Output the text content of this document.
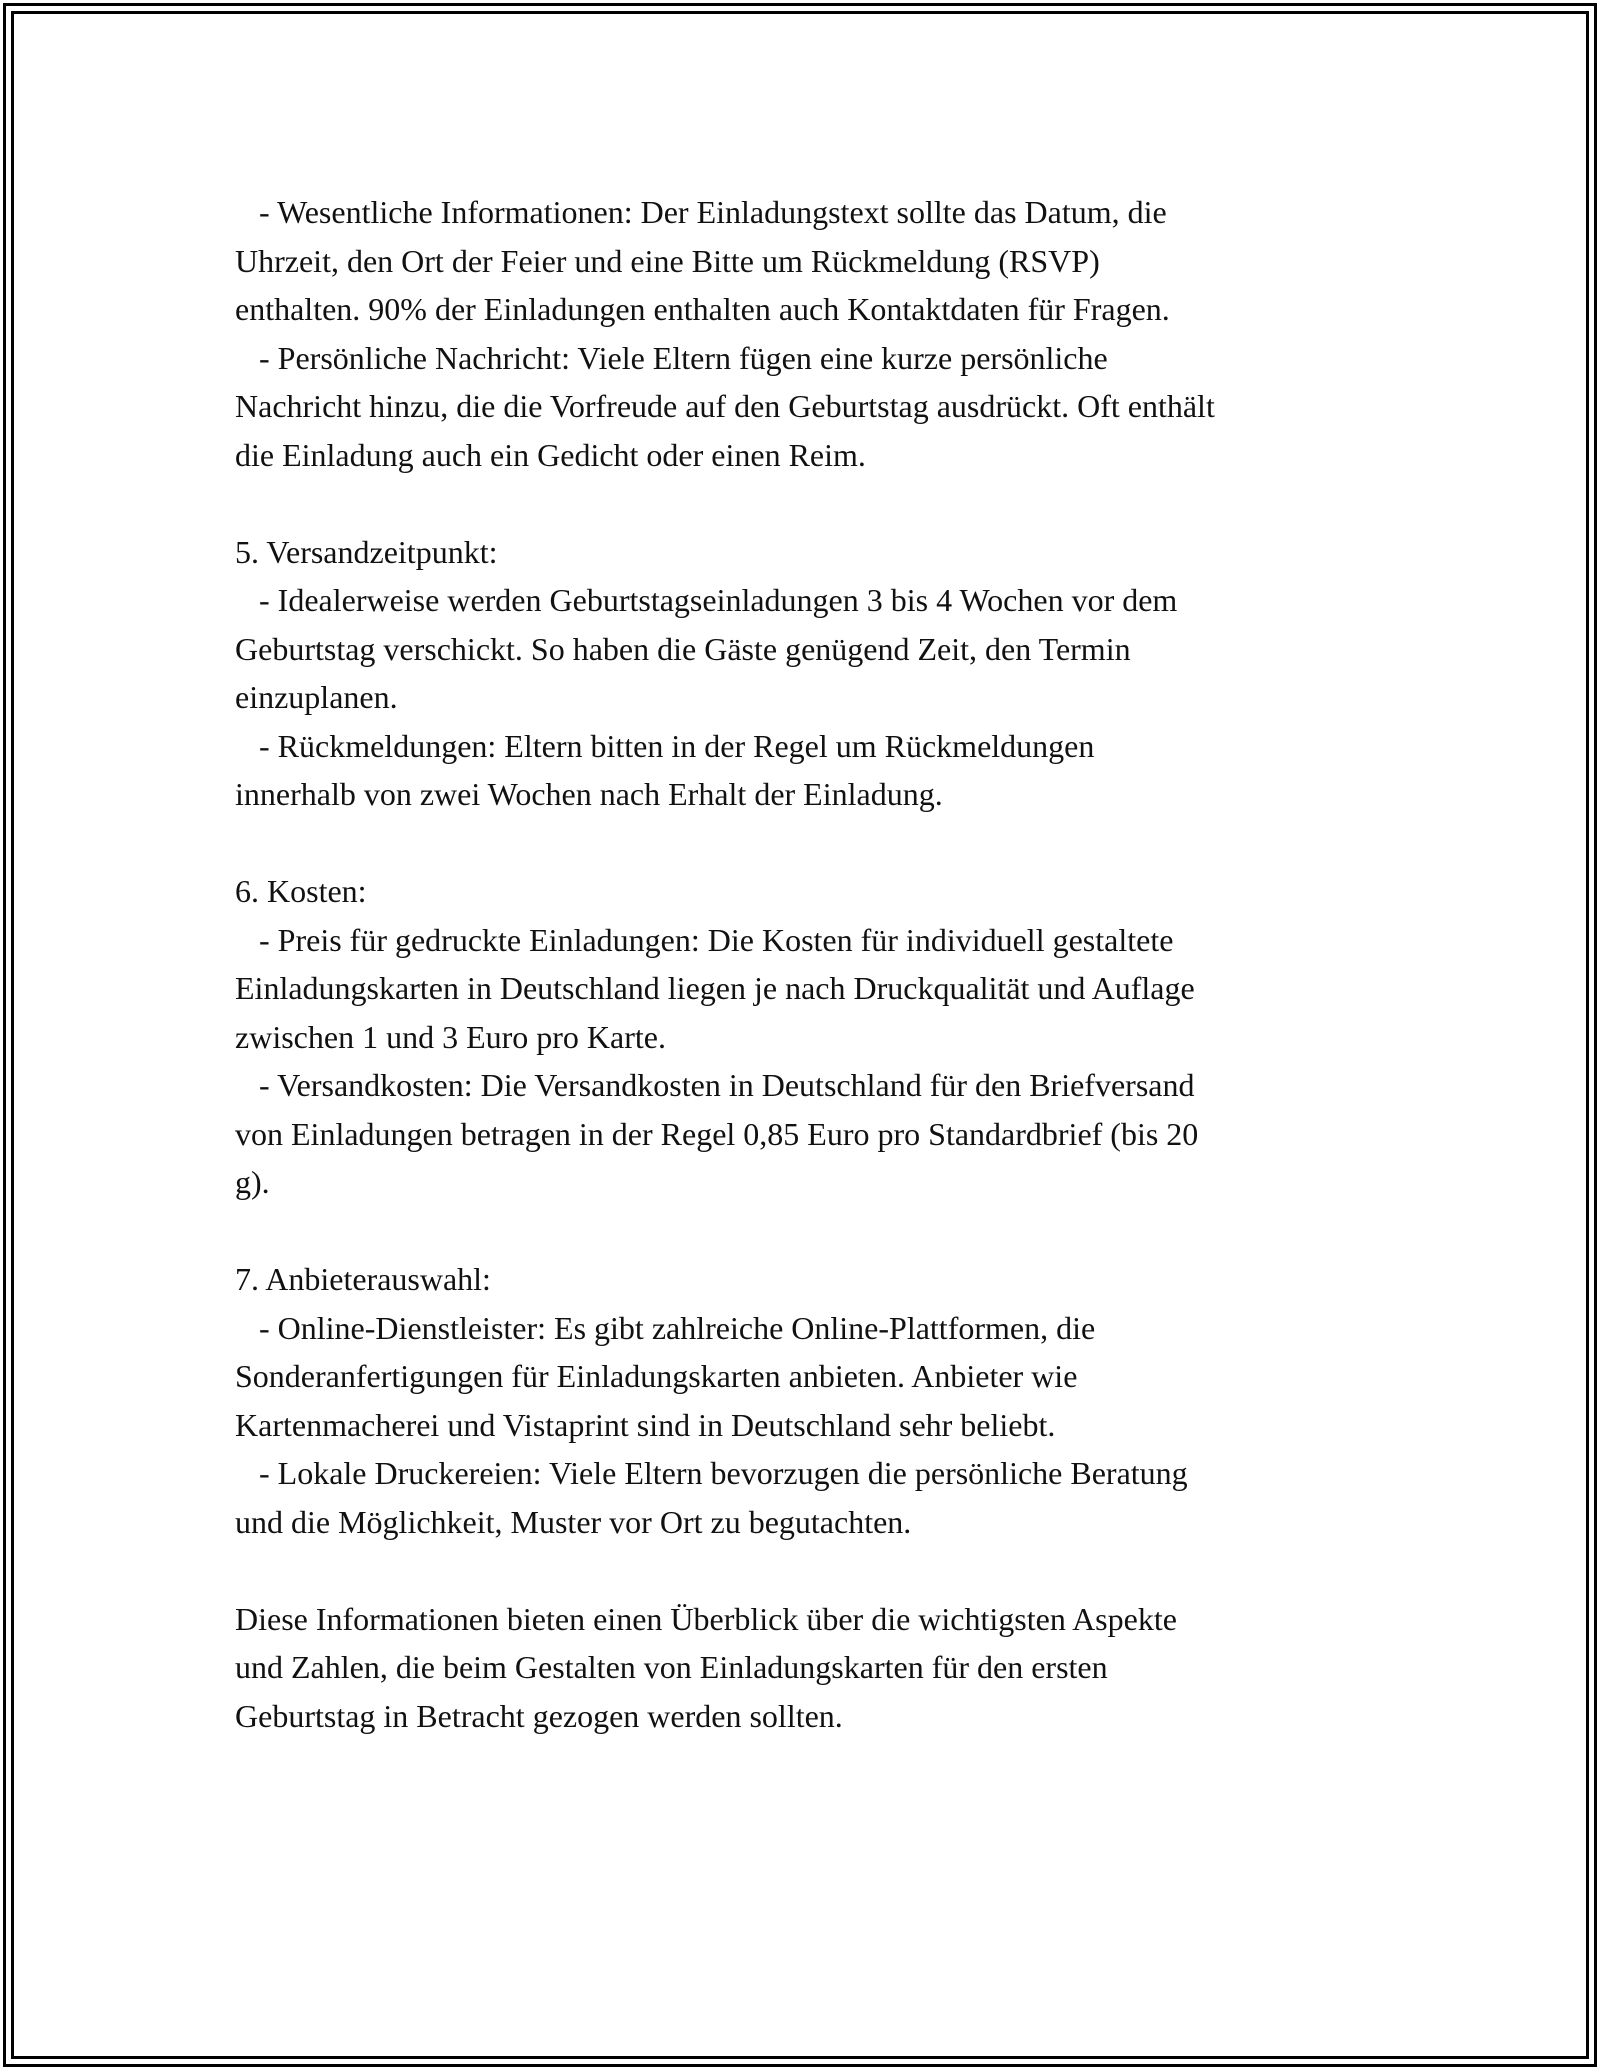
- Wesentliche Informationen: Der Einladungstext sollte das Datum, die
Uhrzeit, den Ort der Feier und eine Bitte um Rückmeldung (RSVP)
enthalten. 90% der Einladungen enthalten auch Kontaktdaten für Fragen.
- Persönliche Nachricht: Viele Eltern fügen eine kurze persönliche
Nachricht hinzu, die die Vorfreude auf den Geburtstag ausdrückt. Oft enthält
die Einladung auch ein Gedicht oder einen Reim.
5. Versandzeitpunkt:
- Idealerweise werden Geburtstagseinladungen 3 bis 4 Wochen vor dem
Geburtstag verschickt. So haben die Gäste genügend Zeit, den Termin
einzuplanen.
- Rückmeldungen: Eltern bitten in der Regel um Rückmeldungen
innerhalb von zwei Wochen nach Erhalt der Einladung.
6. Kosten:
- Preis für gedruckte Einladungen: Die Kosten für individuell gestaltete
Einladungskarten in Deutschland liegen je nach Druckqualität und Auflage
zwischen 1 und 3 Euro pro Karte.
- Versandkosten: Die Versandkosten in Deutschland für den Briefversand
von Einladungen betragen in der Regel 0,85 Euro pro Standardbrief (bis 20
g).
7. Anbieterauswahl:
- Online-Dienstleister: Es gibt zahlreiche Online-Plattformen, die
Sonderanfertigungen für Einladungskarten anbieten. Anbieter wie
Kartenmacherei und Vistaprint sind in Deutschland sehr beliebt.
- Lokale Druckereien: Viele Eltern bevorzugen die persönliche Beratung
und die Möglichkeit, Muster vor Ort zu begutachten.
Diese Informationen bieten einen Überblick über die wichtigsten Aspekte
und Zahlen, die beim Gestalten von Einladungskarten für den ersten
Geburtstag in Betracht gezogen werden sollten.
